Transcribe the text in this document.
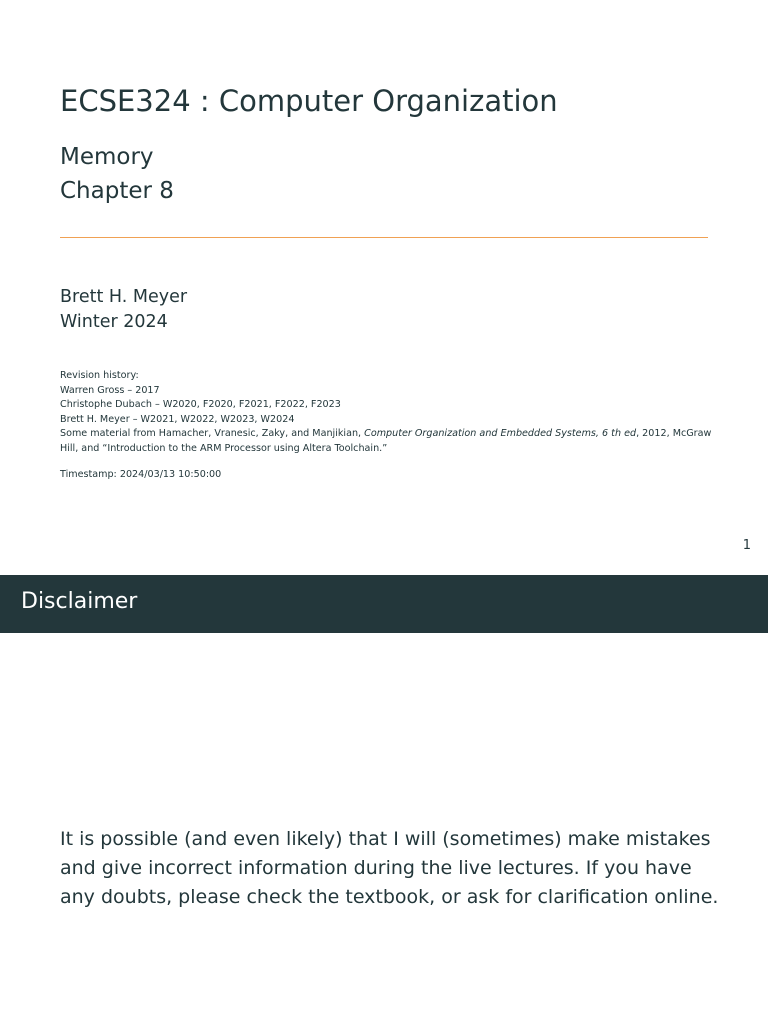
ECSE324 : Computer Organization
Memory
Chapter 8
Brett H. Meyer
Winter 2024
Revision history:
Warren Gross – 2017
Christophe Dubach – W2020, F2020, F2021, F2022, F2023
Brett H. Meyer – W2021, W2022, W2023, W2024
Some material from Hamacher, Vranesic, Zaky, and Manjikian, Computer Organization and Embedded Systems, 6 th ed, 2012, McGraw Hill, and “Introduction to the ARM Processor using Altera Toolchain.”
Timestamp: 2024/03/13 10:50:00
1
Disclaimer

It is possible (and even likely) that I will (sometimes) make mistakes and give incorrect information during the live lectures. If you have any doubts, please check the textbook, or ask for clarification online.
